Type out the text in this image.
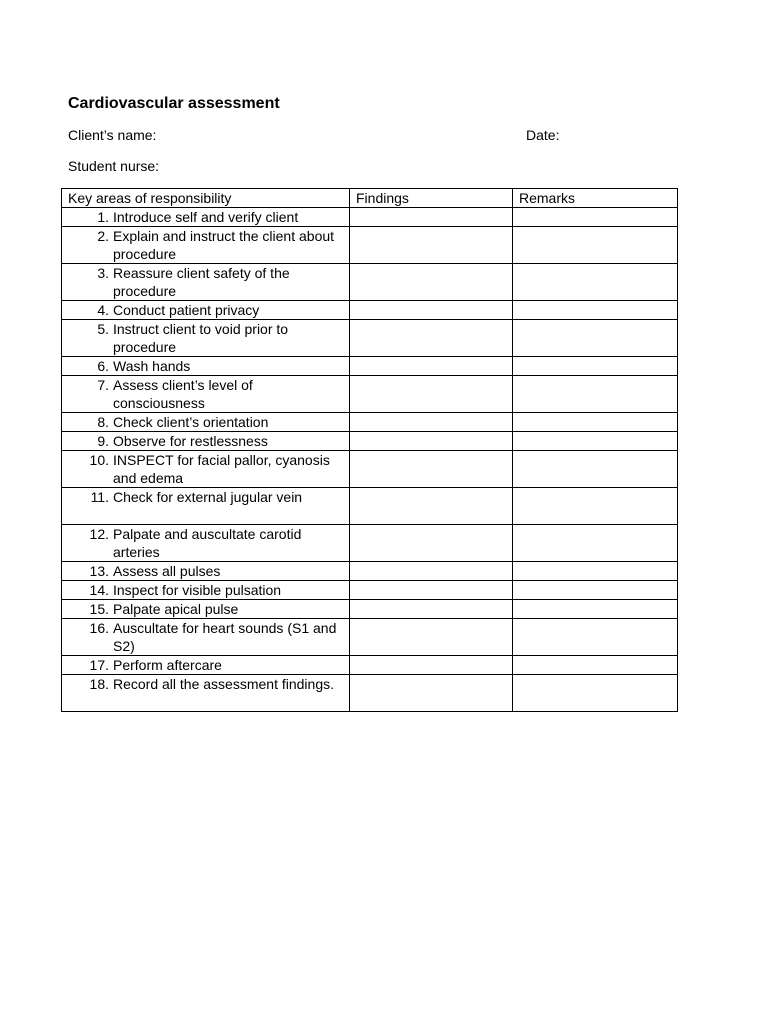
Cardiovascular assessment
Client’s name:	Date:
Student nurse:
Key areas of responsibility	Findings	Remarks

1. Introduce self and verify client		

2. Explain and instruct the client about procedure		

3. Reassure client safety of the procedure		

4. Conduct patient privacy		

5. Instruct client to void prior to procedure		

6. Wash hands		

7. Assess client’s level of consciousness		

8. Check client’s orientation		

9. Observe for restlessness		

10. INSPECT for facial pallor, cyanosis and edema		

11. Check for external jugular vein		

12. Palpate and auscultate carotid arteries		

13. Assess all pulses		

14. Inspect for visible pulsation		

15. Palpate apical pulse		

16. Auscultate for heart sounds (S1 and S2)		

17. Perform aftercare		

18. Record all the assessment findings.		
